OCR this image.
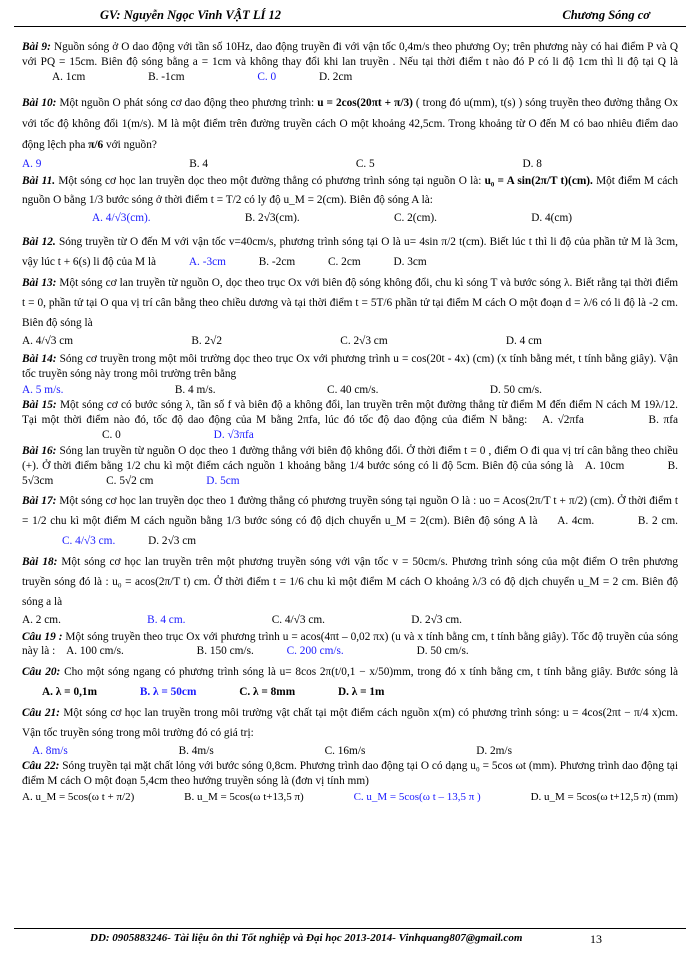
GV: Nguyễn Ngọc Vinh VẬT LÍ 12	Chương Sóng cơ

Bài 9: Nguồn sóng ở O dao động với tần số 10Hz, dao động truyền đi với vận tốc 0,4m/s theo phương Oy; trên phương này có hai điểm P và Q với PQ = 15cm. Biên độ sóng bằng a = 1cm và không thay đổi khi lan truyền . Nếu tại thời điểm t nào đó P có li độ 1cm thì li độ tại Q là A. 1cm	B. -1cm	C. 0	D. 2cm

Bài 10: Một nguồn O phát sóng cơ dao động theo phương trình: u = 2cos(20πt + π/3) ( trong đó u(mm), t(s) ) sóng truyền theo đường thẳng Ox với tốc độ không đổi 1(m/s). M là một điểm trên đường truyền cách O một khoảng 42,5cm. Trong khoảng từ O đến M có bao nhiêu điểm dao động lệch pha π/6 với nguồn?

A. 9	B. 4	C. 5	D. 8

Bài 11. Một sóng cơ học lan truyền dọc theo một đường thẳng có phương trình sóng tại nguồn O là: u₀ = A sin(2π/T t)(cm). Một điểm M cách nguồn O bằng 1/3 bước sóng ở thời điểm t = T/2 có ly độ u_M = 2(cm). Biên độ sóng A là:

A. 4/√3(cm).	B. 2√3(cm).	C. 2(cm).	D. 4(cm)

Bài 12. Sóng truyền từ O đến M với vận tốc v=40cm/s, phương trình sóng tại O là u= 4sin π/2 t(cm). Biết lúc t thì li độ của phần tử M là 3cm, vậy lúc t + 6(s) li độ của M là	A. -3cm	B. -2cm	C. 2cm	D. 3cm

Bài 13: Một sóng cơ lan truyền từ nguồn O, dọc theo trục Ox với biên độ sóng không đổi, chu kì sóng T và bước sóng λ. Biết rằng tại thời điểm t = 0, phần tử tại O qua vị trí cân bằng theo chiều dương và tại thời điểm t = 5T/6 phần tử tại điểm M cách O một đoạn d = λ/6 có li độ là -2 cm. Biên độ sóng là

A. 4/√3 cm	B. 2√2	C. 2√3 cm	D. 4 cm

Bài 14: Sóng cơ truyền trong một môi trường dọc theo trục Ox với phương trình u = cos(20t - 4x) (cm) (x tính bằng mét, t tính bằng giây). Vận tốc truyền sóng này trong môi trường trên bằng

A. 5 m/s.	B. 4 m/s.	C. 40 cm/s.	D. 50 cm/s.

Bài 15: Một sóng cơ có bước sóng λ, tần số f và biên độ a không đổi, lan truyền trên một đường thẳng từ điểm M đến điểm N cách M 19λ/12. Tại một thời điểm nào đó, tốc độ dao động của M bằng 2πfa, lúc đó tốc độ dao động của điểm N bằng: A. √2πfa	B. πfa C. 0	D. √3πfa

Bài 16: Sóng lan truyền từ nguồn O dọc theo 1 đường thẳng với biên độ không đổi. Ở thời điểm t = 0 , điểm O đi qua vị trí cân bằng theo chiều (+). Ở thời điểm bằng 1/2 chu kì một điểm cách nguồn 1 khoảng bằng 1/4 bước sóng có li độ 5cm. Biên độ của sóng là A. 10cm	B. 5√3cm	C. 5√2 cm	D. 5cm

Bài 17: Một sóng cơ học lan truyền dọc theo 1 đường thẳng có phương truyền sóng tại nguồn O là : uo = Acos(2π/T t + π/2) (cm). Ở thời điểm t = 1/2 chu kì một điểm M cách nguồn bằng 1/3 bước sóng có độ dịch chuyển u_M = 2(cm). Biên độ sóng A là A. 4cm.	B. 2 cm. C. 4/√3 cm.	D. 2√3 cm

Bài 18: Một sóng cơ học lan truyền trên một phương truyền sóng với vận tốc v = 50cm/s. Phương trình sóng của một điểm O trên phương truyền sóng đó là : u₀ = acos(2π/T t) cm. Ở thời điểm t = 1/6 chu kì một điểm M cách O khoảng λ/3 có độ dịch chuyển u_M = 2 cm. Biên độ sóng a là

A. 2 cm.	B. 4 cm.	C. 4/√3 cm.	D. 2√3 cm.

Câu 19 : Một sóng truyền theo trục Ox với phương trình u = acos(4πt – 0,02 πx) (u và x tính bằng cm, t tính bằng giây). Tốc độ truyền của sóng này là : A. 100 cm/s.	B. 150 cm/s.	C. 200 cm/s.	D. 50 cm/s.

Câu 20: Cho một sóng ngang có phương trình sóng là u= 8cos 2π(t/0,1 − x/50)mm, trong đó x tính bằng cm, t tính bằng giây. Bước sóng là A. λ = 0,1m	B. λ = 50cm	C. λ = 8mm	D. λ = 1m

Câu 21: Một sóng cơ học lan truyền trong môi trường vật chất tại một điểm cách nguồn x(m) có phương trình sóng: u = 4cos(2πt − π/4 x)cm. Vận tốc truyền sóng trong môi trường đó có giá trị:

A. 8m/s	B. 4m/s	C. 16m/s	D. 2m/s

Câu 22: Sóng truyền tại mặt chất lỏng với bước sóng 0,8cm. Phương trình dao động tại O có dạng u₀ = 5cos ωt (mm). Phương trình dao động tại điểm M cách O một đoạn 5,4cm theo hướng truyền sóng là (đơn vị tính mm)

A. u_M = 5cos(ω t + π/2)	B. u_M = 5cos(ω t+13,5 π)	C. u_M = 5cos(ω t – 13,5 π )	D. u_M = 5cos(ω t+12,5 π) (mm)
DD: 0905883246- Tài liệu ôn thi Tốt nghiệp và Đại học 2013-2014- Vinhquang807@gmail.com	13
